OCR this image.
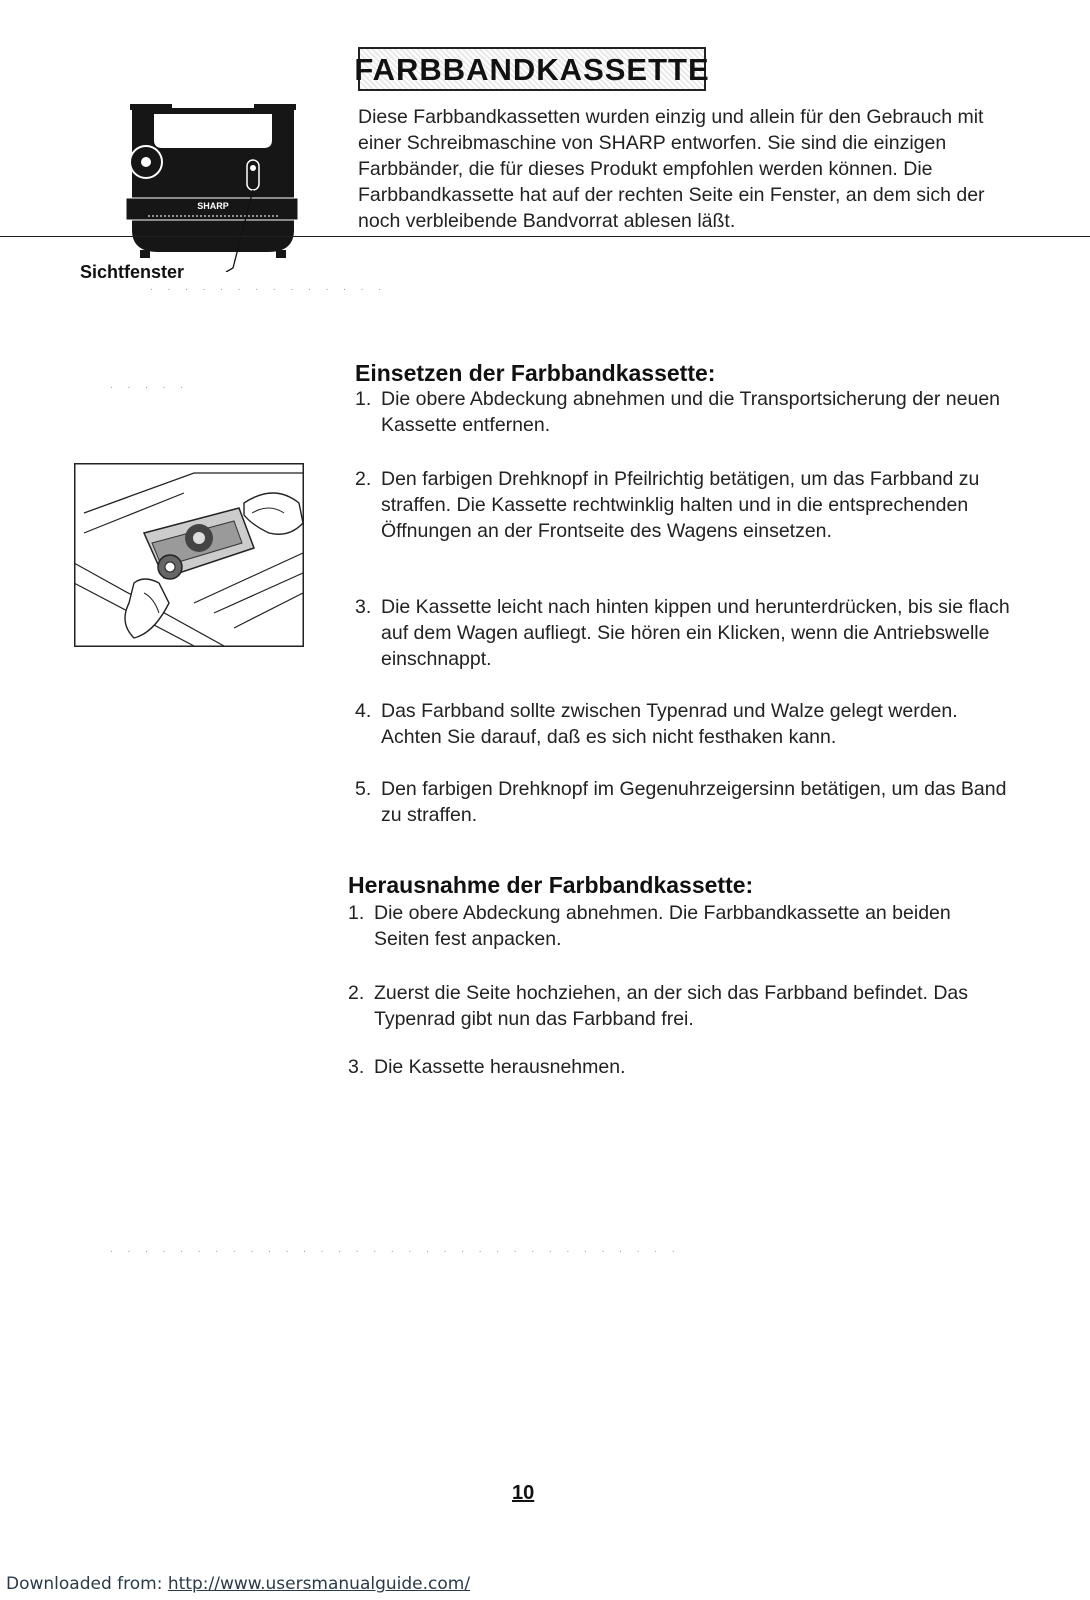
FARBBANDKASSETTE
SHARP
Sichtfenster
Diese Farbbandkassetten wurden einzig und allein für den Gebrauch mit einer Schreibmaschine von SHARP entworfen. Sie sind die einzigen Farbbänder, die für dieses Produkt empfohlen werden können. Die Farbbandkassette hat auf der rechten Seite ein Fenster, an dem sich der noch verbleibende Bandvorrat ablesen läßt.
. . . . . . . . . . . . . .
. . . . .
. . . . . . . . . . . . . . . . . . . . . . . . . . . . . . . . .
Einsetzen der Farbbandkassette:
1. Die obere Abdeckung abnehmen und die Transportsicherung der neuen Kassette entfernen.
2. Den farbigen Drehknopf in Pfeilrichtig betätigen, um das Farbband zu straffen. Die Kassette rechtwinklig halten und in die entsprechenden Öffnungen an der Frontseite des Wagens einsetzen.
3. Die Kassette leicht nach hinten kippen und herunterdrücken, bis sie flach auf dem Wagen aufliegt. Sie hören ein Klicken, wenn die Antriebswelle einschnappt.
4. Das Farbband sollte zwischen Typenrad und Walze gelegt werden. Achten Sie darauf, daß es sich nicht festhaken kann.
5. Den farbigen Drehknopf im Gegenuhrzeigersinn betätigen, um das Band zu straffen.
Herausnahme der Farbbandkassette:
1. Die obere Abdeckung abnehmen. Die Farbbandkassette an beiden Seiten fest anpacken.
2. Zuerst die Seite hochziehen, an der sich das Farbband befindet. Das Typenrad gibt nun das Farbband frei.
3. Die Kassette herausnehmen.
10
Downloaded from: http://www.usersmanualguide.com/
